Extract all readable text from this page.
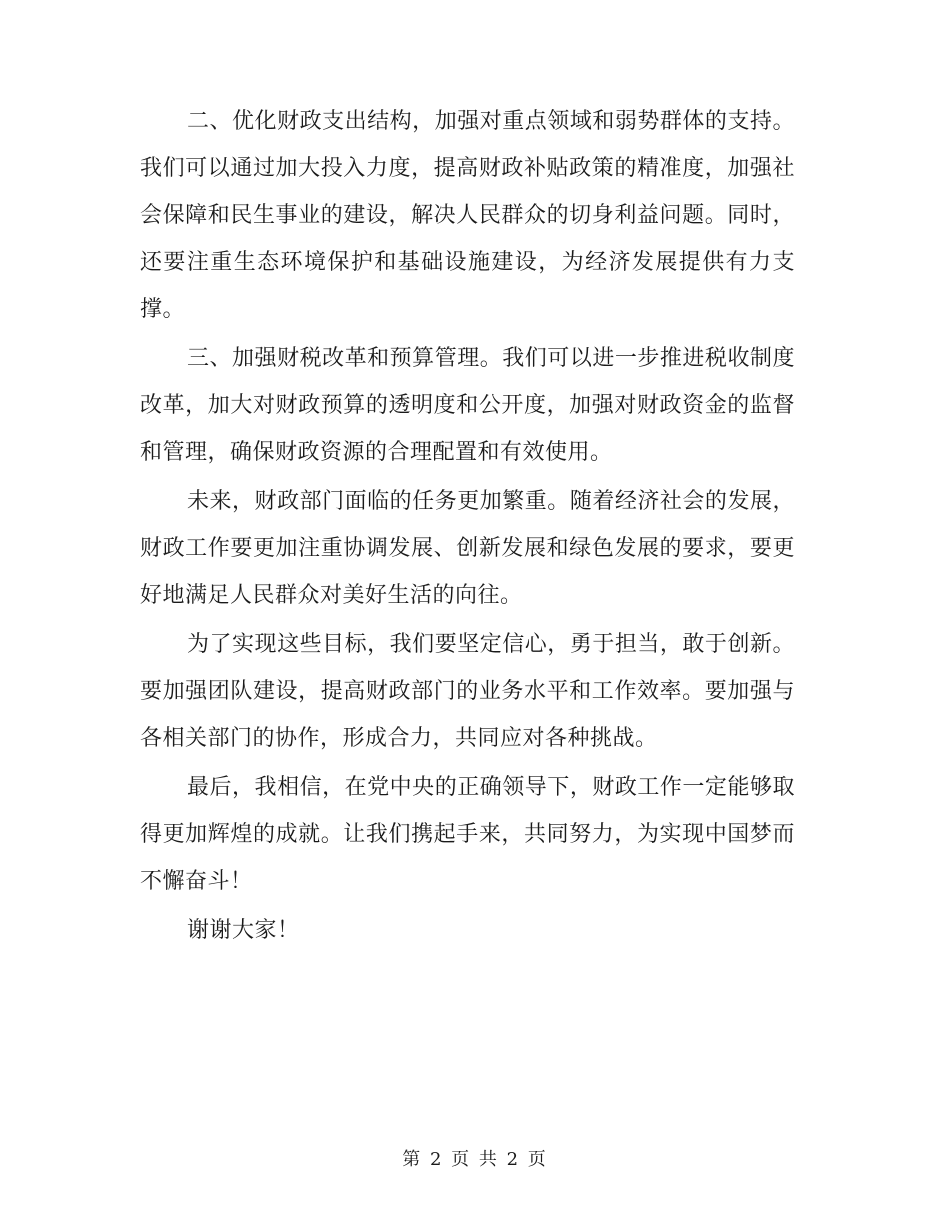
二、优化财政支出结构，加强对重点领域和弱势群体的支持。我们可以通过加大投入力度，提高财政补贴政策的精准度，加强社会保障和民生事业的建设，解决人民群众的切身利益问题。同时，还要注重生态环境保护和基础设施建设，为经济发展提供有力支撑。

三、加强财税改革和预算管理。我们可以进一步推进税收制度改革，加大对财政预算的透明度和公开度，加强对财政资金的监督和管理，确保财政资源的合理配置和有效使用。

未来，财政部门面临的任务更加繁重。随着经济社会的发展，财政工作要更加注重协调发展、创新发展和绿色发展的要求，要更好地满足人民群众对美好生活的向往。

为了实现这些目标，我们要坚定信心，勇于担当，敢于创新。要加强团队建设，提高财政部门的业务水平和工作效率。要加强与各相关部门的协作，形成合力，共同应对各种挑战。

最后，我相信，在党中央的正确领导下，财政工作一定能够取得更加辉煌的成就。让我们携起手来，共同努力，为实现中国梦而不懈奋斗！

谢谢大家！

第 2 页 共 2 页
